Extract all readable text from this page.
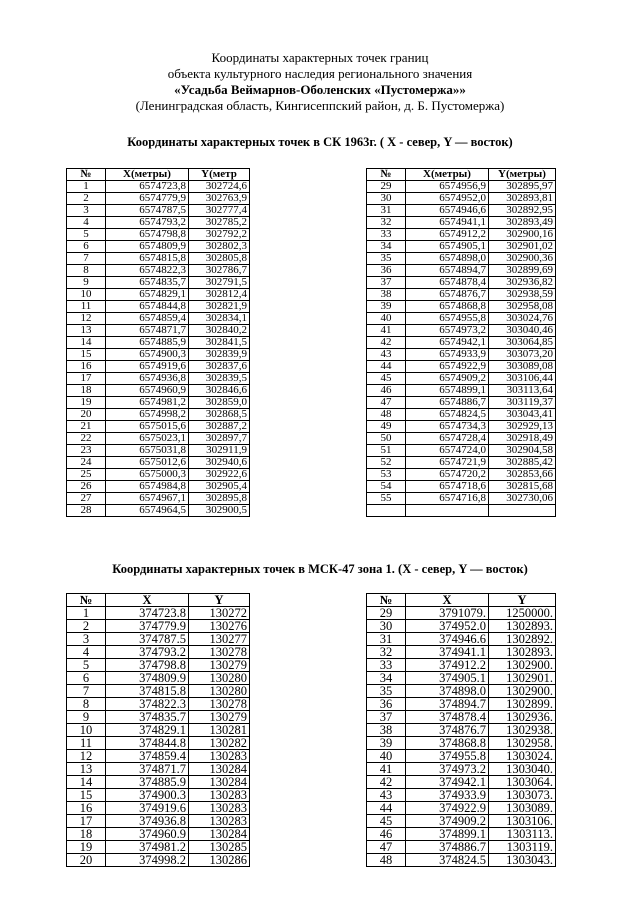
Координаты характерных точек границ
объекта культурного наследия регионального значения
«Усадьба Веймарнов-Оболенских «Пустомержа»»
(Ленинградская область, Кингисеппский район, д. Б. Пустомержа)
Координаты характерных точек в СК 1963г. ( X - север, Y — восток)
№	X(метры)	Y(метр
1	6574723,8	302724,6
2	6574779,9	302763,9
3	6574787,5	302777,4
4	6574793,2	302785,2
5	6574798,8	302792,2
6	6574809,9	302802,3
7	6574815,8	302805,8
8	6574822,3	302786,7
9	6574835,7	302791,5
10	6574829,1	302812,4
11	6574844,8	302821,9
12	6574859,4	302834,1
13	6574871,7	302840,2
14	6574885,9	302841,5
15	6574900,3	302839,9
16	6574919,6	302837,6
17	6574936,8	302839,5
18	6574960,9	302846,6
19	6574981,2	302859,0
20	6574998,2	302868,5
21	6575015,6	302887,2
22	6575023,1	302897,7
23	6575031,8	302911,9
24	6575012,6	302940,6
25	6575000,3	302922,6
26	6574984,8	302905,4
27	6574967,1	302895,8
28	6574964,5	302900,5
№	X(метры)	Y(метры)
29	6574956,9	302895,97
30	6574952,0	302893,81
31	6574946,6	302892,95
32	6574941,1	302893,49
33	6574912,2	302900,16
34	6574905,1	302901,02
35	6574898,0	302900,36
36	6574894,7	302899,69
37	6574878,4	302936,82
38	6574876,7	302938,59
39	6574868,8	302958,08
40	6574955,8	303024,76
41	6574973,2	303040,46
42	6574942,1	303064,85
43	6574933,9	303073,20
44	6574922,9	303089,08
45	6574909,2	303106,44
46	6574899,1	303113,64
47	6574886,7	303119,37
48	6574824,5	303043,41
49	6574734,3	302929,13
50	6574728,4	302918,49
51	6574724,0	302904,58
52	6574721,9	302885,42
53	6574720,2	302853,66
54	6574718,6	302815,68
55	6574716,8	302730,06

Координаты характерных точек в МСК-47 зона 1. (X - север, Y — восток)
№	X	Y
1	374723.8	130272
2	374779.9	130276
3	374787.5	130277
4	374793.2	130278
5	374798.8	130279
6	374809.9	130280
7	374815.8	130280
8	374822.3	130278
9	374835.7	130279
10	374829.1	130281
11	374844.8	130282
12	374859.4	130283
13	374871.7	130284
14	374885.9	130284
15	374900.3	130283
16	374919.6	130283
17	374936.8	130283
18	374960.9	130284
19	374981.2	130285
20	374998.2	130286
№	X	Y
29	3791079.	1250000.
30	374952.0	1302893.
31	374946.6	1302892.
32	374941.1	1302893.
33	374912.2	1302900.
34	374905.1	1302901.
35	374898.0	1302900.
36	374894.7	1302899.
37	374878.4	1302936.
38	374876.7	1302938.
39	374868.8	1302958.
40	374955.8	1303024.
41	374973.2	1303040.
42	374942.1	1303064.
43	374933.9	1303073.
44	374922.9	1303089.
45	374909.2	1303106.
46	374899.1	1303113.
47	374886.7	1303119.
48	374824.5	1303043.
